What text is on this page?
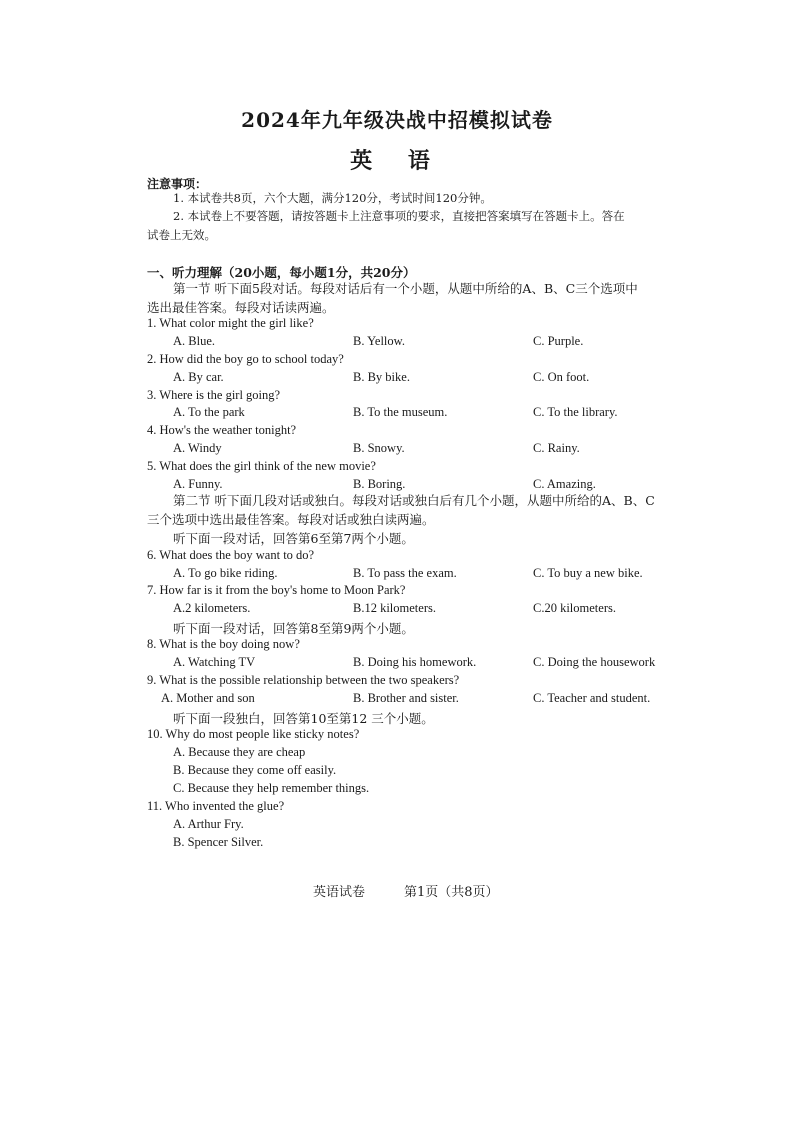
2024年九年级决战中招模拟试卷
英 语
注意事项：
1. 本试卷共8页，六个大题，满分120分，考试时间120分钟。
2. 本试卷上不要答题，请按答题卡上注意事项的要求，直接把答案填写在答题卡上。答在
试卷上无效。
一、听力理解（20小题，每小题1分，共20分）
第一节 听下面5段对话。每段对话后有一个小题，从题中所给的A、B、C三个选项中
选出最佳答案。每段对话读两遍。
1. What color might the girl like?
A. Blue.	B. Yellow.	C. Purple.
2. How did the boy go to school today?
A. By car.	B. By bike.	C. On foot.
3. Where is the girl going?
A. To the park	B. To the museum.	C. To the library.
4. How's the weather tonight?
A. Windy	B. Snowy.	C. Rainy.
5. What does the girl think of the new movie?
A. Funny.	B. Boring.	C. Amazing.
第二节 听下面几段对话或独白。每段对话或独白后有几个小题，从题中所给的A、B、C
三个选项中选出最佳答案。每段对话或独白读两遍。
听下面一段对话，回答第6至第7两个小题。
6. What does the boy want to do?
A. To go bike riding.	B. To pass the exam.	C. To buy a new bike.
7. How far is it from the boy's home to Moon Park?
A.2 kilometers.	B.12 kilometers.	C.20 kilometers.
听下面一段对话，回答第8至第9两个小题。
8. What is the boy doing now?
A. Watching TV	B. Doing his homework.	C. Doing the housework
9. What is the possible relationship between the two speakers?
A. Mother and son	B. Brother and sister.	C. Teacher and student.
听下面一段独白，回答第10至第12 三个小题。
10. Why do most people like sticky notes?
A. Because they are cheap
B. Because they come off easily.
C. Because they help remember things.
11. Who invented the glue?
A. Arthur Fry.
B. Spencer Silver.
英语试卷	第1页（共8页）
